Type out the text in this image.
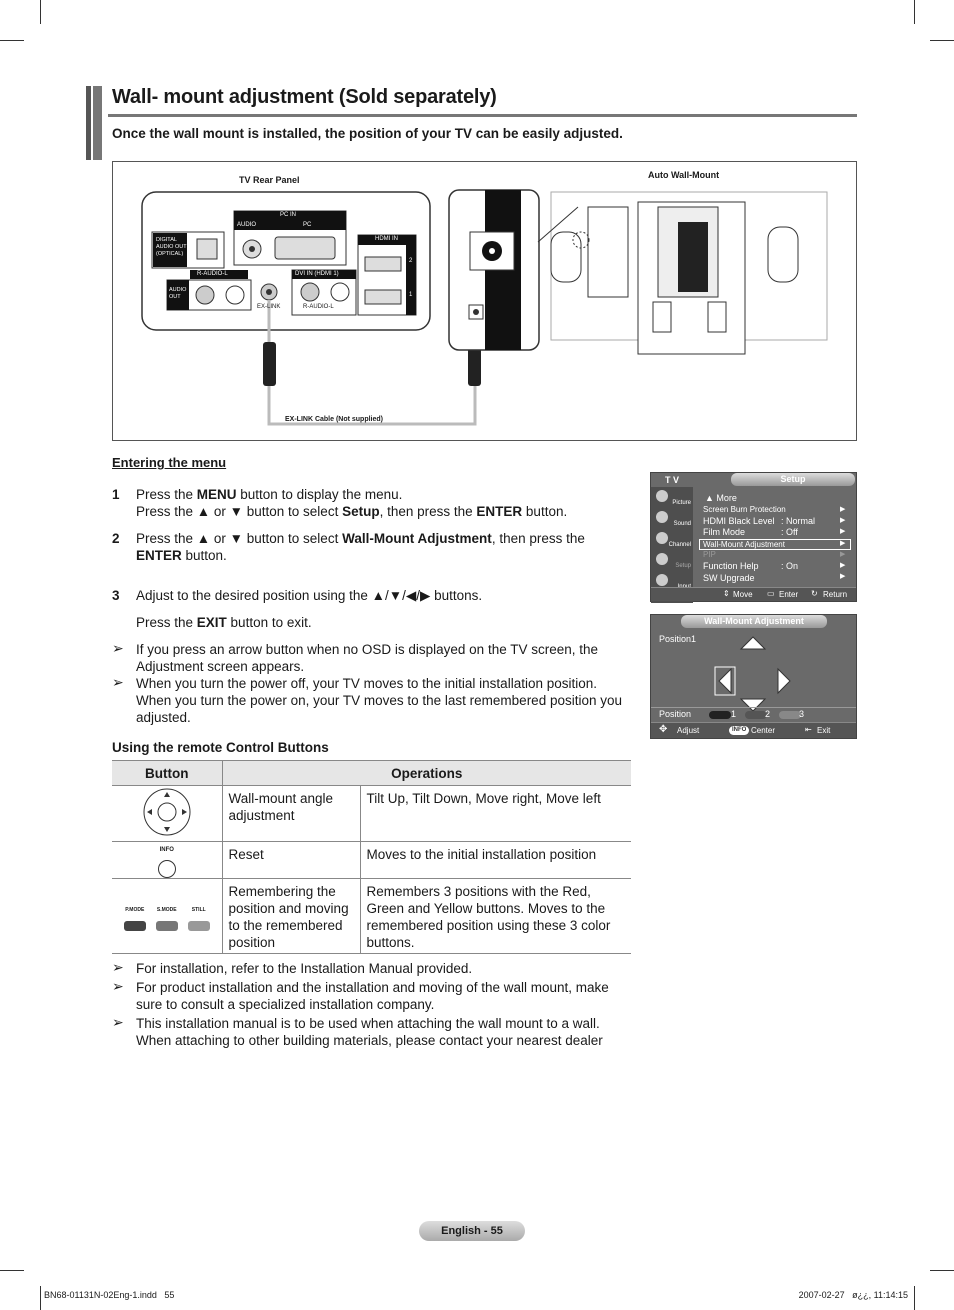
Wall- mount adjustment (Sold separately)

Once the wall mount is installed, the position of your TV can be easily adjusted.

TV Rear Panel	Auto Wall-Mount
EX-LINK Cable (Not supplied)
DIGITAL
AUDIO OUT
(OPTICAL)
PC IN
AUDIO	PC
HDMI IN
2
1
R-AUDIO-L
AUDIO
OUT
EX-LINK
DVI IN (HDMI 1)
R-AUDIO-L
Entering the menu
1 Press the MENU button to display the menu.
Press the ▲ or ▼ button to select Setup, then press the ENTER button.
2 Press the ▲ or ▼ button to select Wall-Mount Adjustment, then press the
ENTER button.
3 Adjust to the desired position using the ▲/▼/◀/▶ buttons.
Press the EXIT button to exit.
➢ If you press an arrow button when no OSD is displayed on the TV screen, the Adjustment screen appears.
➢ When you turn the power off, your TV moves to the initial installation position. When you turn the power on, your TV moves to the last remembered position you adjusted.
Using the remote Control Buttons
Button	Operations	
	Wall-mount angle adjustment	Tilt Up, Tilt Down, Move right, Move left

INFO	Reset	Moves to the initial installation position

P.MODE S.MODE STILL	Remembering the position and moving to the remembered position	Remembers 3 positions with the Red, Green and Yellow buttons. Moves to the remembered position using these 3 color buttons.
➢ For installation, refer to the Installation Manual provided.
➢ For product installation and the installation and moving of the wall mount, make sure to consult a specialized installation company.
➢ This installation manual is to be used when attaching the wall mount to a wall. When attaching to other building materials, please contact your nearest dealer
T V	Setup
Picture
Sound
Channel
Setup
▲ More
Screen Burn Protection
HDMI Black Level : Normal
Film Mode	: Off
Wall-Mount Adjustment
PIP
Function Help : On
SW Upgrade
▶
▶
▶
▶
▶
▶
▶
⇕ Move ▭ Enter ↻ Return
Wall-Mount Adjustment
Position1
Position	1	2	3
✥ Adjust	INFO Center	⇤ Exit
English - 55
BN68-01131N-02Eng-1.indd   55	2007-02-27   ø¿¿, 11:14:15
